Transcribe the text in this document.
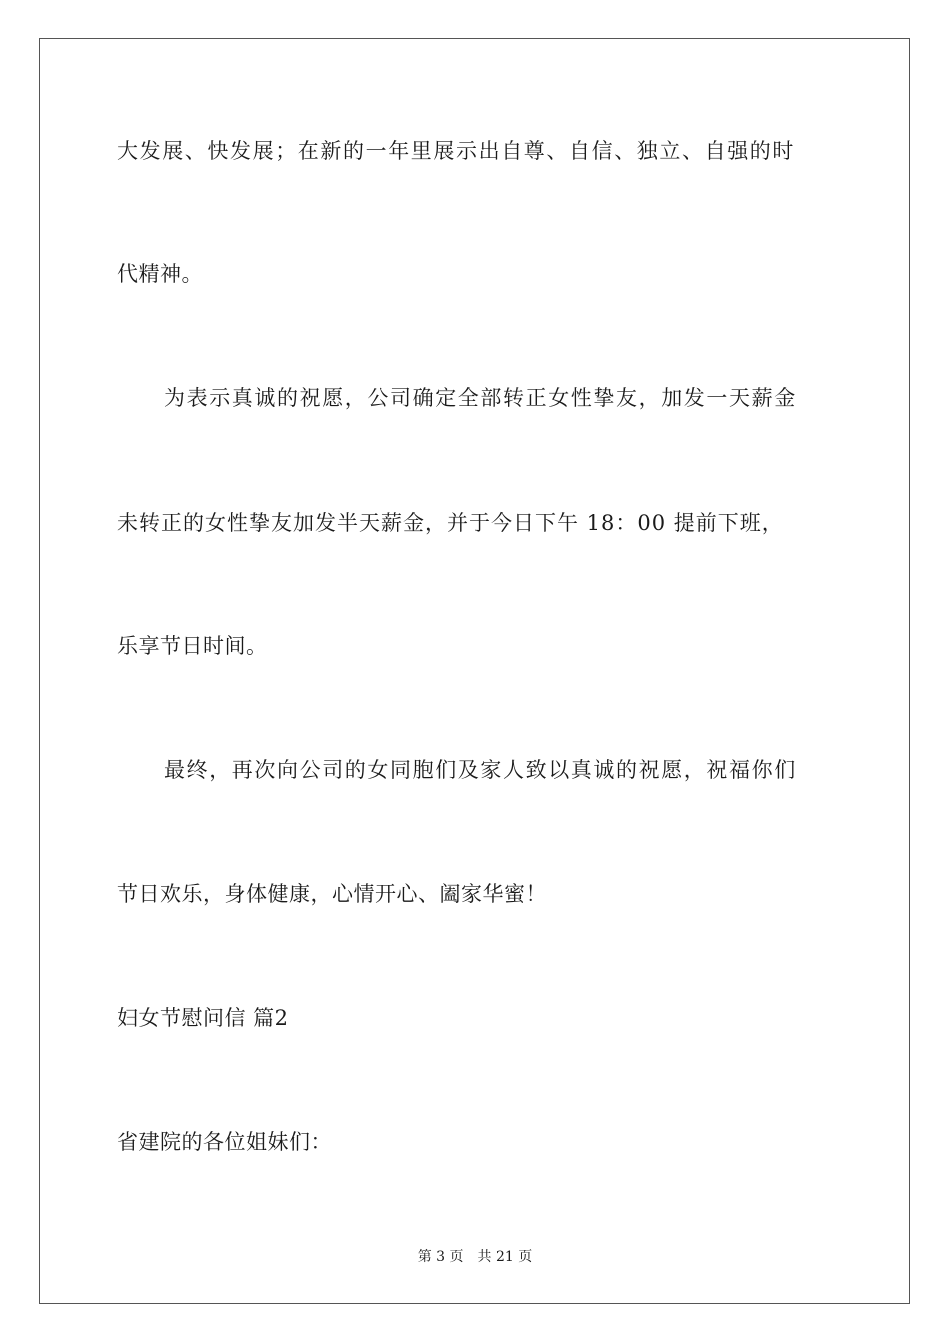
大发展、快发展；在新的一年里展示出自尊、自信、独立、自强的时
代精神。
为表示真诚的祝愿，公司确定全部转正女性挚友，加发一天薪金
未转正的女性挚友加发半天薪金，并于今日下午 18：00 提前下班，
乐享节日时间。
最终，再次向公司的女同胞们及家人致以真诚的祝愿，祝福你们
节日欢乐，身体健康，心情开心、阖家华蜜！
妇女节慰问信 篇2
省建院的各位姐妹们：
第 3 页 共 21 页
